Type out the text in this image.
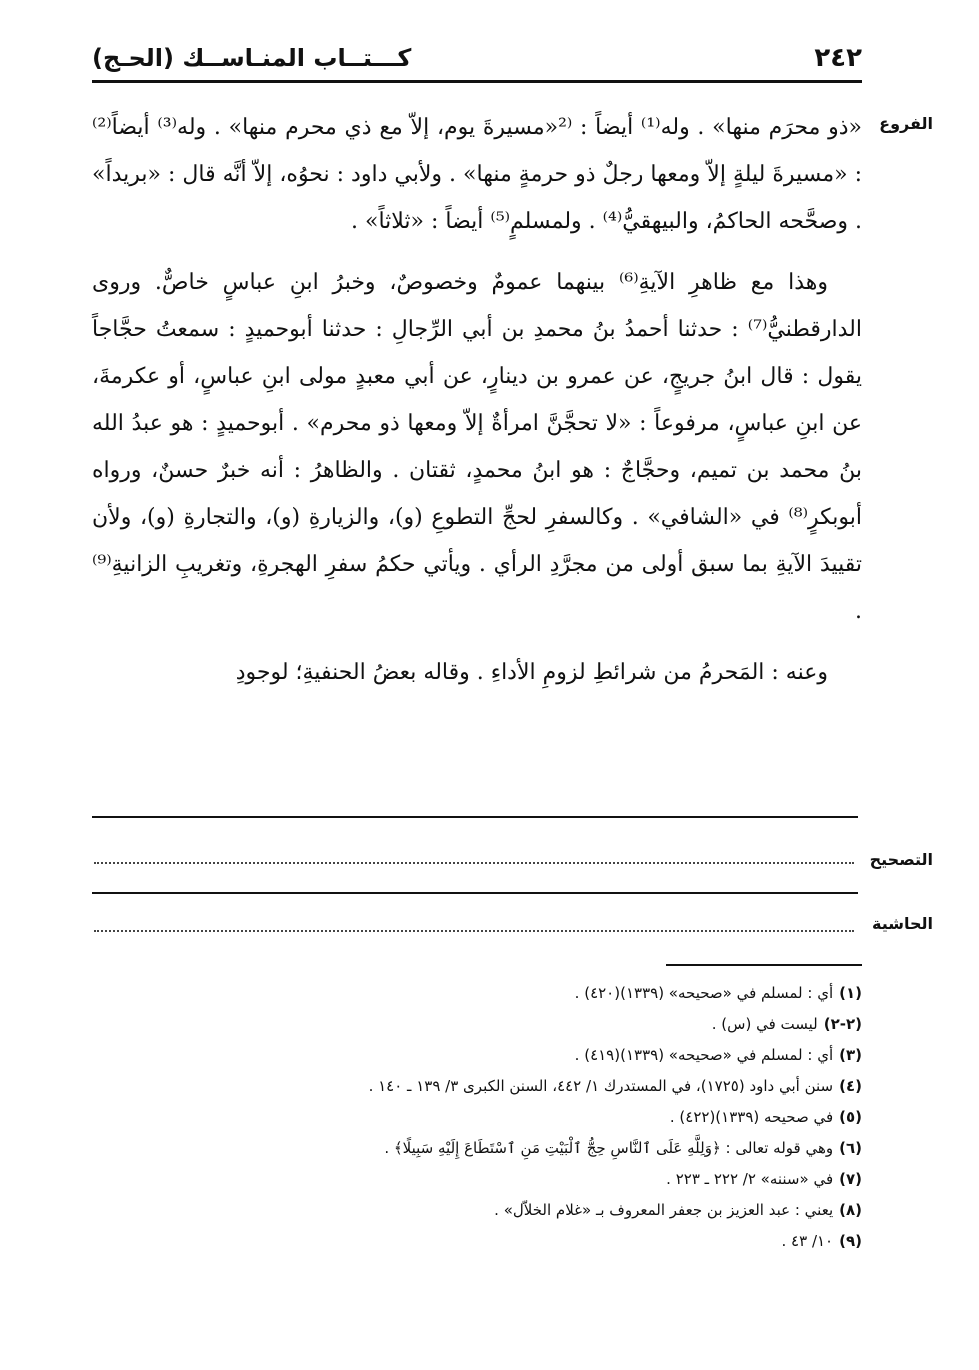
٢٤٢
كـــتــاب المنـاســك (الحـج)
الفروع

«ذو محرَم منها» . وله⁽¹⁾ أيضاً : ⁽²«مسيرةَ يوم، إلاّ مع ذي محرم منها» . وله⁽³⁾ أيضاً⁽²⁾ : «مسيرةَ ليلةٍ إلاّ ومعها رجلٌ ذو حرمةٍ منها» . ولأبي داود : نحوُه، إلاّ أنَّه قال : «بريداً» . وصحَّحه الحاكمُ، والبيهقيُّ⁽⁴⁾ . ولمسلمٍ⁽⁵⁾ أيضاً : «ثلاثاً» .

وهذا مع ظاهرِ الآيةِ⁽⁶⁾ بينهما عمومٌ وخصوصٌ، وخبرُ ابنِ عباسٍ خاصٌّ. وروى الدارقطنيُّ⁽⁷⁾ : حدثنا أحمدُ بنُ محمدِ بن أبي الرِّجالِ : حدثنا أبوحميدٍ : سمعتُ حجَّاجاً يقول : قال ابنُ جريجٍ، عن عمرو بن دينارٍ، عن أبي معبدٍ مولى ابنِ عباسٍ، أو عكرمةَ، عن ابنِ عباسٍ، مرفوعاً : «لا تحجَّنَّ امرأةٌ إلاّ ومعها ذو محرم» . أبوحميدٍ : هو عبدُ الله بنُ محمد بن تميم، وحجَّاجٌ : هو ابنُ محمدٍ، ثقتان . والظاهرُ : أنه خبرٌ حسنٌ، ورواه أبوبكرٍ⁽⁸⁾ في «الشافي» . وكالسفرِ لحجِّ التطوعِ (و)، والزيارةِ (و)، والتجارةِ (و)، ولأن تقييدَ الآيةِ بما سبق أولى من مجرَّدِ الرأي . ويأتي حكمُ سفرِ الهجرةِ، وتغريبِ الزانيةِ⁽⁹⁾ .

وعنه : المَحرمُ من شرائطِ لزومِ الأداءِ . وقاله بعضُ الحنفيةِ؛ لوجودِ

التصحيح
الحاشية
(١)أي : لمسلم في «صحيحه» (١٣٣٩)(٤٢٠) .
(٢-٢)ليست في (س) .
(٣)أي : لمسلم في «صحيحه» (١٣٣٩)(٤١٩) .
(٤)سنن أبي داود (١٧٢٥)، في المستدرك ١/ ٤٤٢، السنن الكبرى ٣/ ١٣٩ ـ ١٤٠ .
(٥)في صحيحه (١٣٣٩)(٤٢٢) .
(٦)وهي قوله تعالى : ﴿وَلِلَّهِ عَلَى ٱلنَّاسِ حِجُّ ٱلْبَيْتِ مَنِ ٱسْتَطَاعَ إِلَيْهِ سَبِيلًا﴾ .
(٧)في «سننه» ٢/ ٢٢٢ ـ ٢٢٣ .
(٨)يعني : عبد العزيز بن جعفر المعروف بـ «غلام الخلاّل» .
(٩)١٠/ ٤٣ .
